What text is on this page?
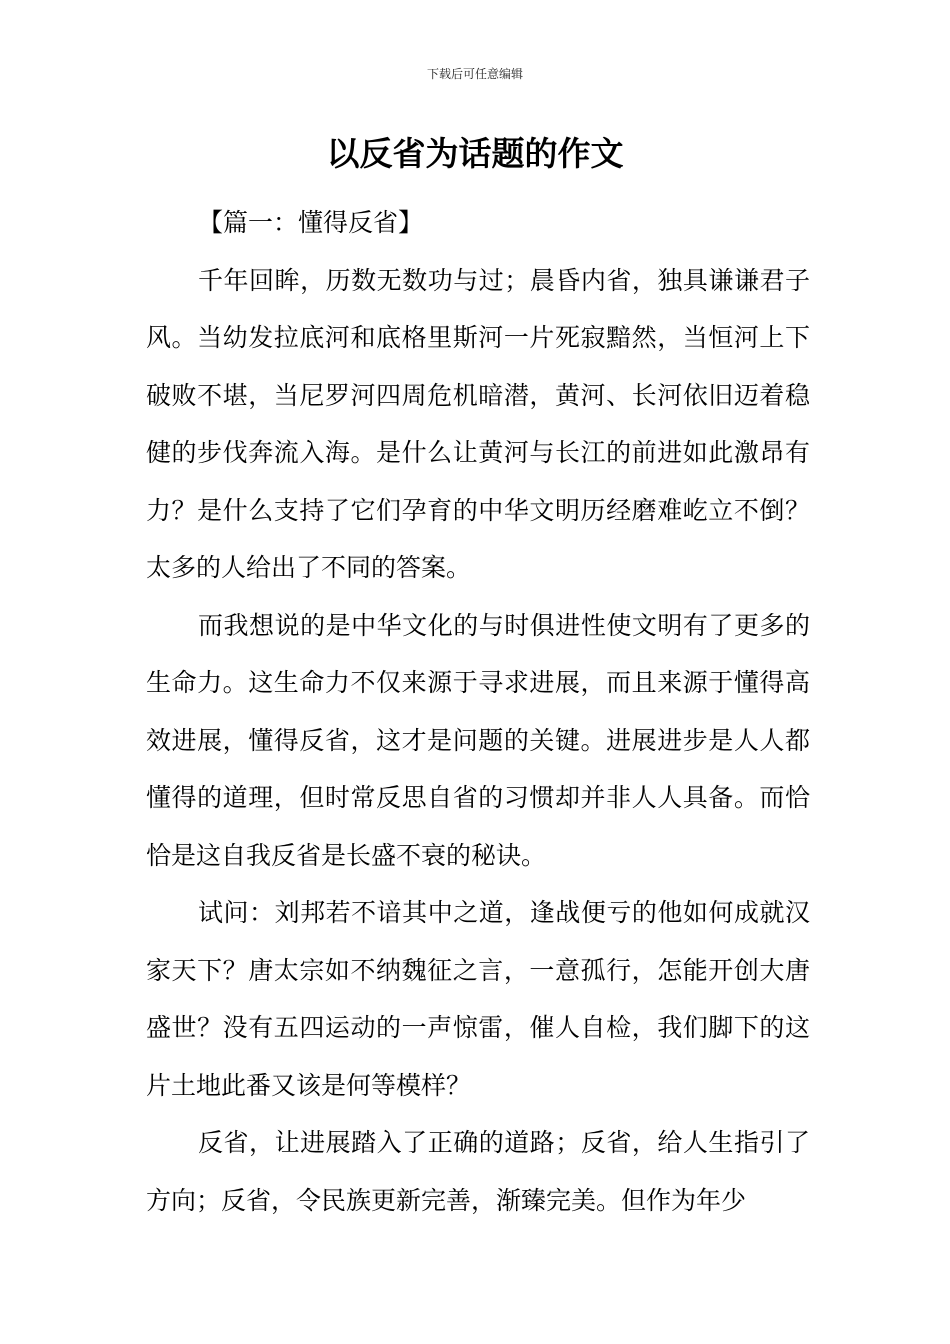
下载后可任意编辑
以反省为话题的作文
【篇一：懂得反省】

千年回眸，历数无数功与过；晨昏内省，独具谦谦君子风。当幼发拉底河和底格里斯河一片死寂黯然，当恒河上下破败不堪，当尼罗河四周危机暗潜，黄河、长河依旧迈着稳健的步伐奔流入海。是什么让黄河与长江的前进如此激昂有力？是什么支持了它们孕育的中华文明历经磨难屹立不倒？太多的人给出了不同的答案。

而我想说的是中华文化的与时俱进性使文明有了更多的生命力。这生命力不仅来源于寻求进展，而且来源于懂得高效进展，懂得反省，这才是问题的关键。进展进步是人人都懂得的道理，但时常反思自省的习惯却并非人人具备。而恰恰是这自我反省是长盛不衰的秘诀。

试问：刘邦若不谙其中之道，逢战便亏的他如何成就汉家天下？唐太宗如不纳魏征之言，一意孤行，怎能开创大唐盛世？没有五四运动的一声惊雷，催人自检，我们脚下的这片土地此番又该是何等模样？

反省，让进展踏入了正确的道路；反省，给人生指引了方向；反省，令民族更新完善，渐臻完美。但作为年少
